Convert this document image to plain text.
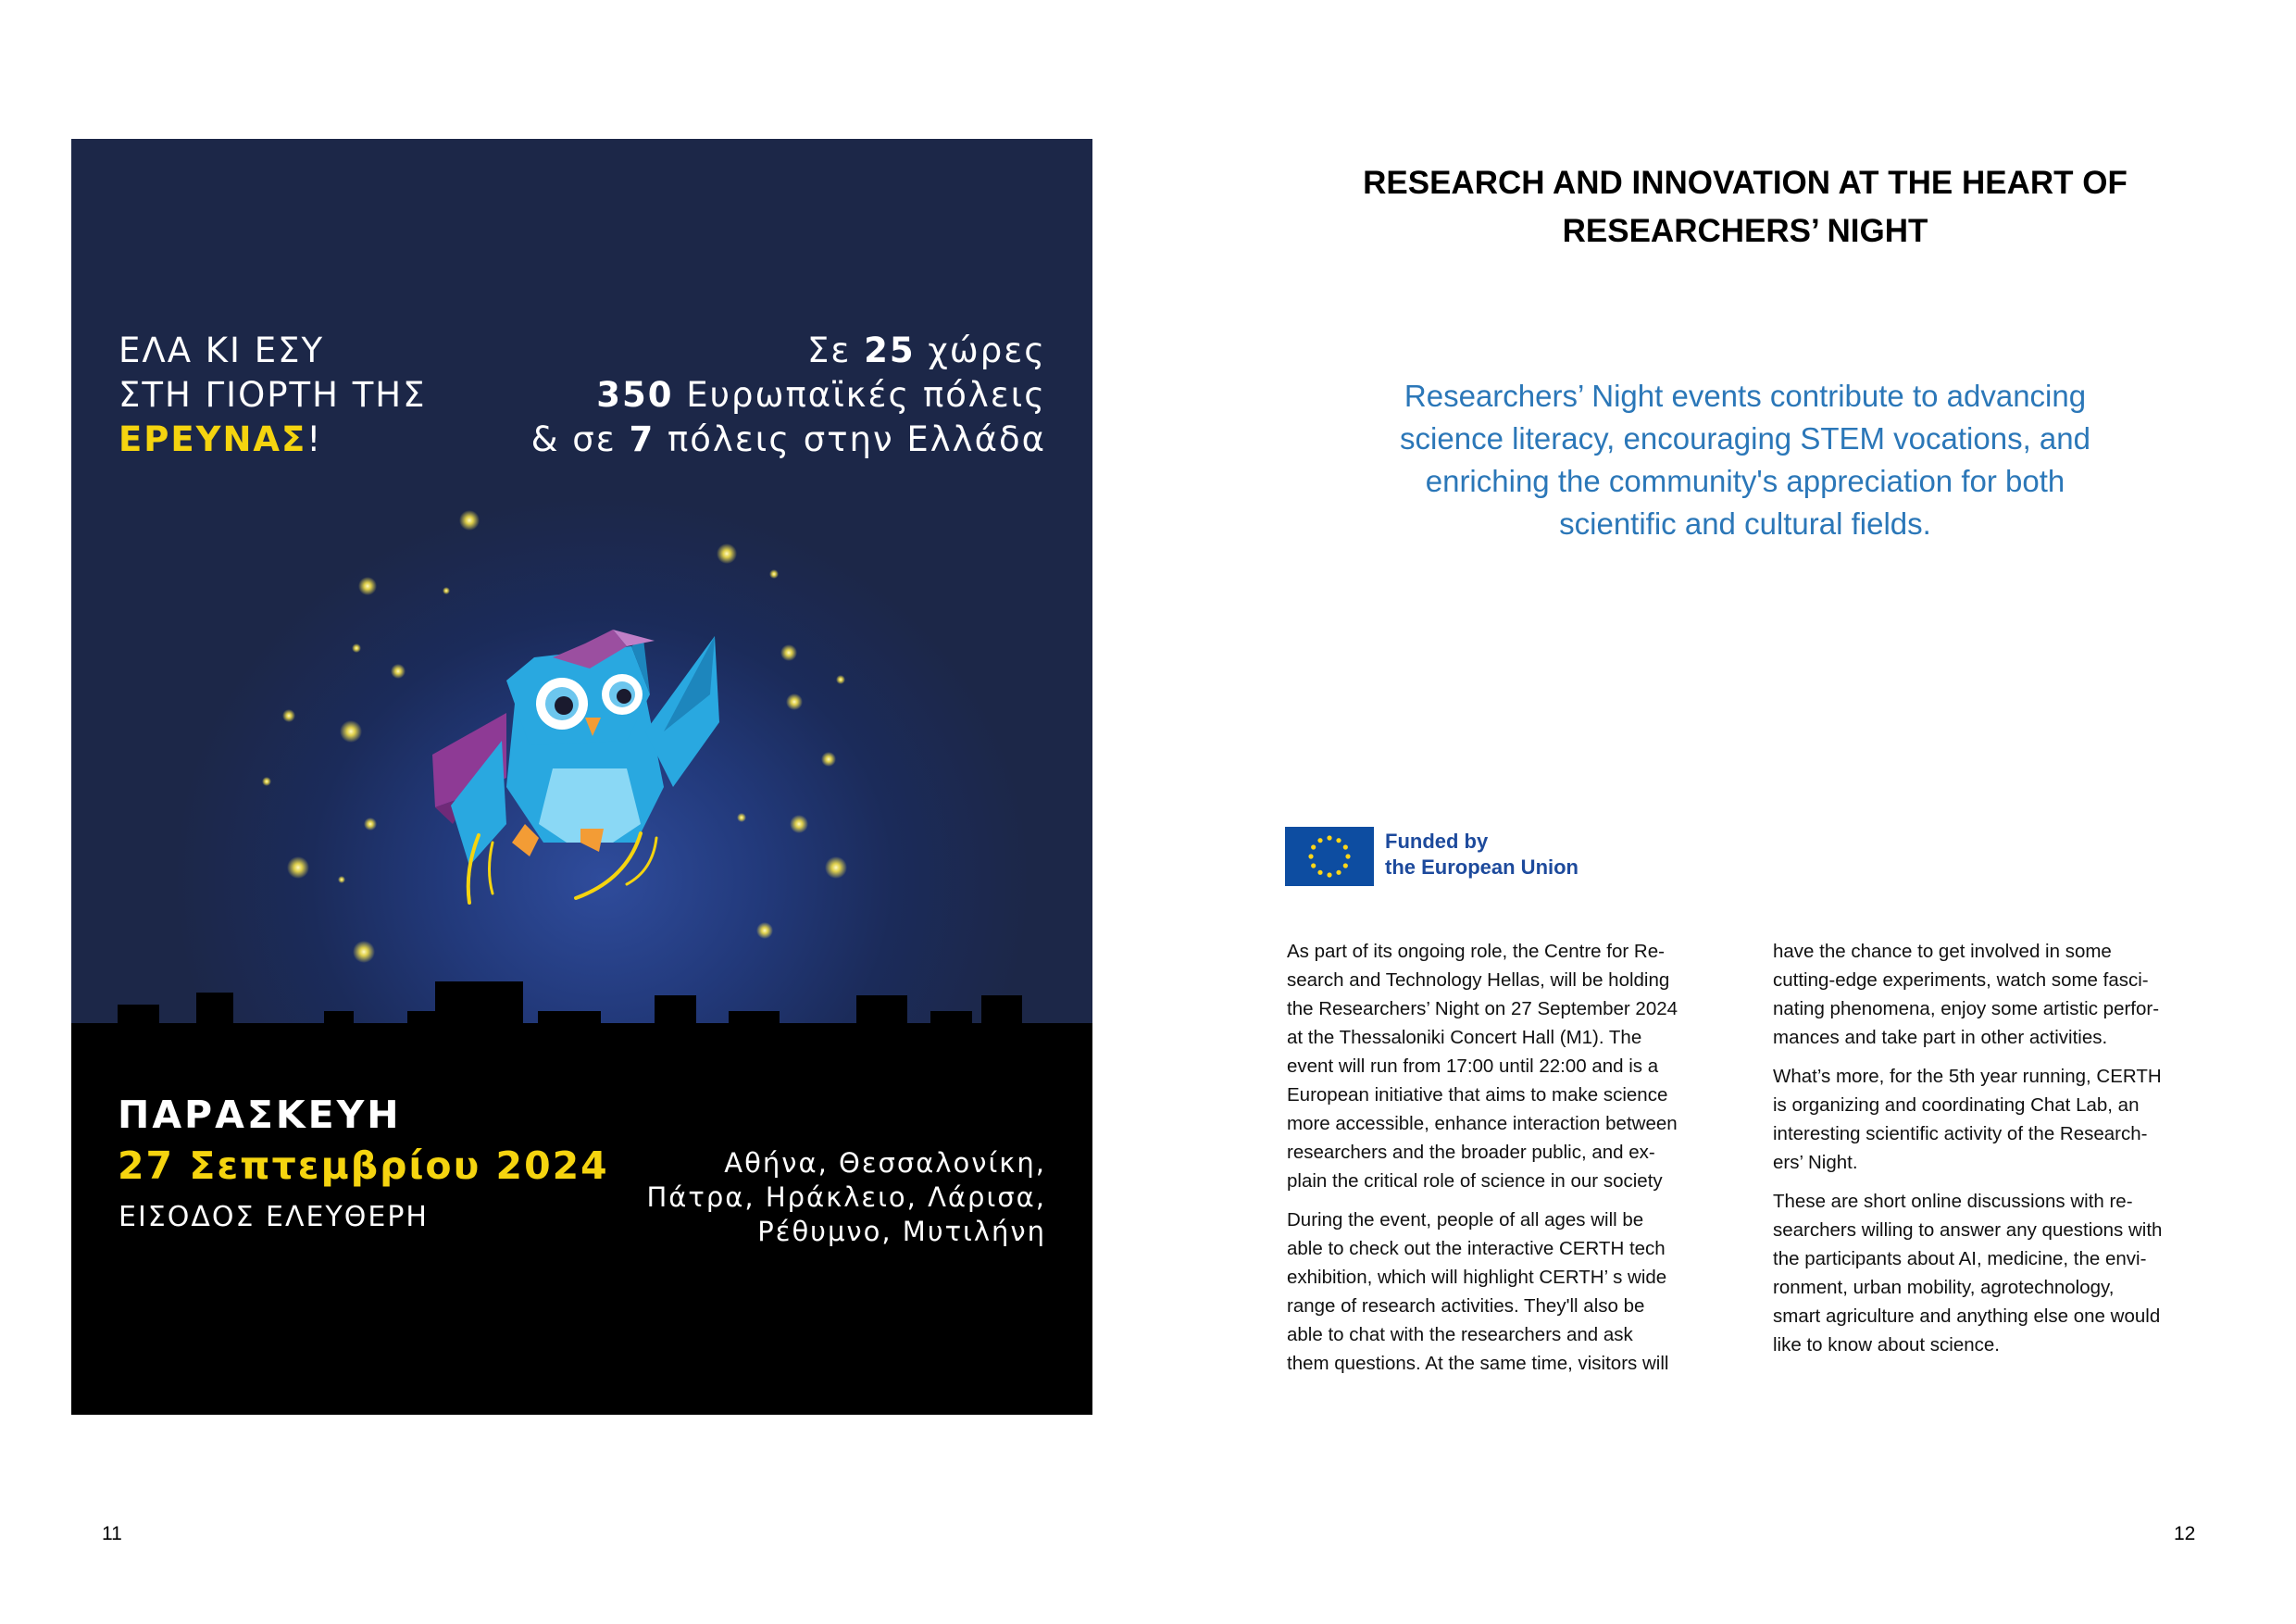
ΕΛΑ ΚΙ ΕΣΥ
ΣΤΗ ΓΙΟΡΤΗ ΤΗΣ
ΕΡΕΥΝΑΣ!
Σε 25 χώρες
350 Ευρωπαϊκές πόλεις
& σε 7 πόλεις στην Ελλάδα
ΠΑΡΑΣΚΕΥΗ
27 Σεπτεμβρίου 2024
ΕΙΣΟΔΟΣ ΕΛΕΥΘΕΡΗ
Αθήνα, Θεσσαλονίκη,
Πάτρα, Ηράκλειο, Λάρισα,
Ρέθυμνο, Μυτιλήνη
11
RESEARCH AND INNOVATION AT THE HEART OF
RESEARCHERS’ NIGHT
Researchers’ Night events contribute to advancing
science literacy, encouraging STEM vocations, and
enriching the community's appreciation for both
scientific and cultural fields.
Funded by
the European Union

As part of its ongoing role, the Centre for Re-
search and Technology Hellas, will be holding
the Researchers’ Night on 27 September 2024
at the Thessaloniki Concert Hall (M1). The
event will run from 17:00 until 22:00 and is a
European initiative that aims to make science
more accessible, enhance interaction between
researchers and the broader public, and ex-
plain the critical role of science in our society

During the event, people of all ages will be
able to check out the interactive CERTH tech
exhibition, which will highlight CERTH’ s wide
range of research activities. They'll also be
able to chat with the researchers and ask
them questions. At the same time, visitors will

have the chance to get involved in some
cutting-edge experiments, watch some fasci-
nating phenomena, enjoy some artistic perfor-
mances and take part in other activities.

What’s more, for the 5th year running, CERTH
is organizing and coordinating Chat Lab, an
interesting scientific activity of the Research-
ers’ Night.

These are short online discussions with re-
searchers willing to answer any questions with
the participants about AI, medicine, the envi-
ronment, urban mobility, agrotechnology,
smart agriculture and anything else one would
like to know about science.

12
